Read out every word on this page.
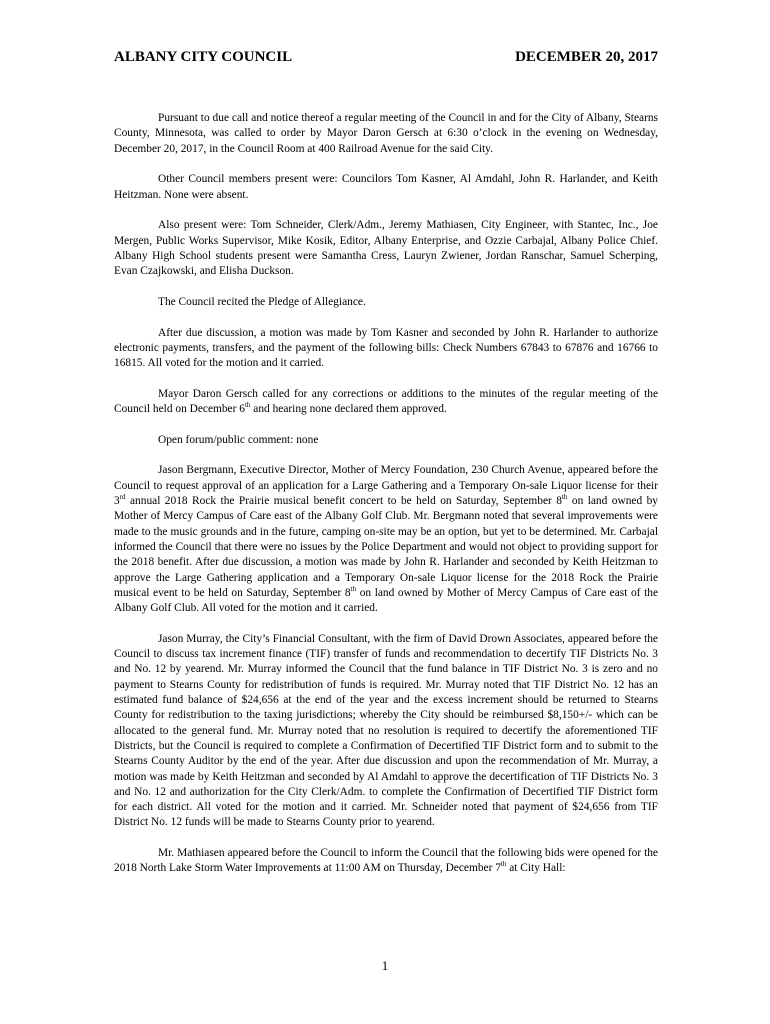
ALBANY CITY COUNCIL	DECEMBER 20, 2017

Pursuant to due call and notice thereof a regular meeting of the Council in and for the City of Albany, Stearns County, Minnesota, was called to order by Mayor Daron Gersch at 6:30 o’clock in the evening on Wednesday, December 20, 2017, in the Council Room at 400 Railroad Avenue for the said City.

Other Council members present were: Councilors Tom Kasner, Al Amdahl, John R. Harlander, and Keith Heitzman. None were absent.

Also present were: Tom Schneider, Clerk/Adm., Jeremy Mathiasen, City Engineer, with Stantec, Inc., Joe Mergen, Public Works Supervisor, Mike Kosik, Editor, Albany Enterprise, and Ozzie Carbajal, Albany Police Chief. Albany High School students present were Samantha Cress, Lauryn Zwiener, Jordan Ranschar, Samuel Scherping, Evan Czajkowski, and Elisha Duckson.

The Council recited the Pledge of Allegiance.

After due discussion, a motion was made by Tom Kasner and seconded by John R. Harlander to authorize electronic payments, transfers, and the payment of the following bills: Check Numbers 67843 to 67876 and 16766 to 16815. All voted for the motion and it carried.

Mayor Daron Gersch called for any corrections or additions to the minutes of the regular meeting of the Council held on December 6th and hearing none declared them approved.

Open forum/public comment: none

Jason Bergmann, Executive Director, Mother of Mercy Foundation, 230 Church Avenue, appeared before the Council to request approval of an application for a Large Gathering and a Temporary On-sale Liquor license for their 3rd annual 2018 Rock the Prairie musical benefit concert to be held on Saturday, September 8th on land owned by Mother of Mercy Campus of Care east of the Albany Golf Club. Mr. Bergmann noted that several improvements were made to the music grounds and in the future, camping on-site may be an option, but yet to be determined. Mr. Carbajal informed the Council that there were no issues by the Police Department and would not object to providing support for the 2018 benefit. After due discussion, a motion was made by John R. Harlander and seconded by Keith Heitzman to approve the Large Gathering application and a Temporary On-sale Liquor license for the 2018 Rock the Prairie musical event to be held on Saturday, September 8th on land owned by Mother of Mercy Campus of Care east of the Albany Golf Club. All voted for the motion and it carried.

Jason Murray, the City’s Financial Consultant, with the firm of David Drown Associates, appeared before the Council to discuss tax increment finance (TIF) transfer of funds and recommendation to decertify TIF Districts No. 3 and No. 12 by yearend. Mr. Murray informed the Council that the fund balance in TIF District No. 3 is zero and no payment to Stearns County for redistribution of funds is required. Mr. Murray noted that TIF District No. 12 has an estimated fund balance of $24,656 at the end of the year and the excess increment should be returned to Stearns County for redistribution to the taxing jurisdictions; whereby the City should be reimbursed $8,150+/- which can be allocated to the general fund. Mr. Murray noted that no resolution is required to decertify the aforementioned TIF Districts, but the Council is required to complete a Confirmation of Decertified TIF District form and to submit to the Stearns County Auditor by the end of the year. After due discussion and upon the recommendation of Mr. Murray, a motion was made by Keith Heitzman and seconded by Al Amdahl to approve the decertification of TIF Districts No. 3 and No. 12 and authorization for the City Clerk/Adm. to complete the Confirmation of Decertified TIF District form for each district. All voted for the motion and it carried. Mr. Schneider noted that payment of $24,656 from TIF District No. 12 funds will be made to Stearns County prior to yearend.

Mr. Mathiasen appeared before the Council to inform the Council that the following bids were opened for the 2018 North Lake Storm Water Improvements at 11:00 AM on Thursday, December 7th at City Hall:

1
